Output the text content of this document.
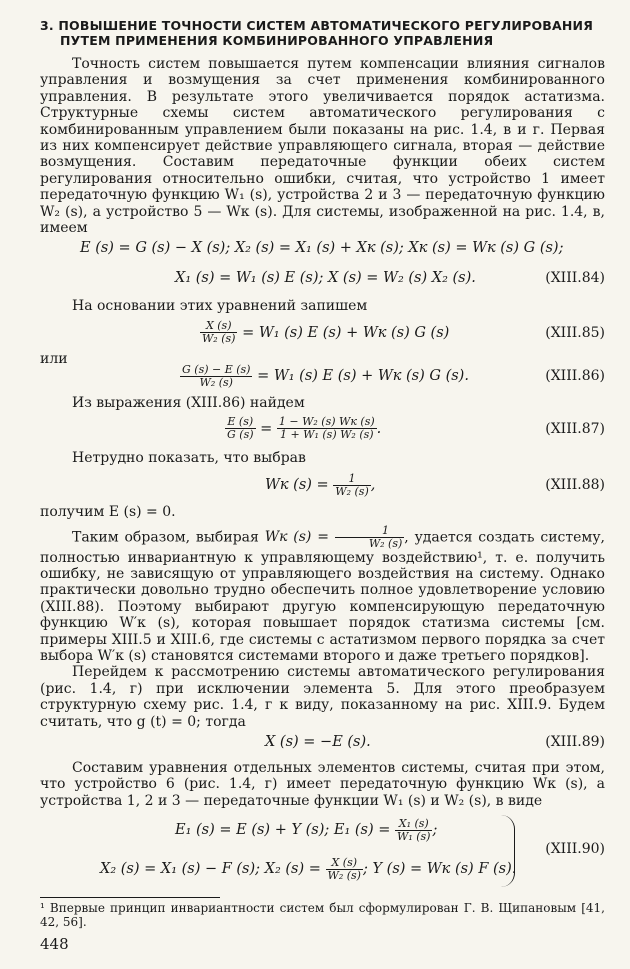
3. ПОВЫШЕНИЕ ТОЧНОСТИ СИСТЕМ АВТОМАТИЧЕСКОГО РЕГУЛИРОВАНИЯ
ПУТЕМ ПРИМЕНЕНИЯ КОМБИНИРОВАННОГО УПРАВЛЕНИЯ

Точность систем повышается путем компенсации влияния сигналов управления и возмущения за счет применения комбинированного управления. В результате этого увеличивается порядок астатизма. Структурные схемы систем автоматического регулирования с комбинированным управлением были показаны на рис. 1.4, в и г. Первая из них компенсирует действие управляющего сигнала, вторая — действие возмущения. Составим передаточные функции обеих систем регулирования относительно ошибки, считая, что устройство 1 имеет передаточную функцию W₁ (s), устройства 2 и 3 — передаточную функцию W₂ (s), а устройство 5 — Wк (s). Для системы, изображенной на рис. 1.4, в, имеем

E (s) = G (s) − X (s); X₂ (s) = X₁ (s) + Xк (s); Xк (s) = Wк (s) G (s);
X₁ (s) = W₁ (s) E (s); X (s) = W₂ (s) X₂ (s).	(XIII.84)

На основании этих уравнений запишем

$\frac{X (s)}{\text{W₂ (s)}} = W_1$ (s) E (s) + Wк (s) G (s)	(XIII.85)

или

$\frac{G (s) - E (s)}{\text{W₂ (s)}} = W_1$ (s) E (s) + Wк (s) G (s).	(XIII.86)

Из выражения (XIII.86) найдем

$\frac{E (s)}{G (s)} = \frac{\text{1 − W₂ (s) Wк (s)}}{\text{1 + W₁ (s) W₂ (s)}}$ .	(XIII.87)

Нетрудно показать, что выбрав

Wк $(s) = \frac{1}{\text{W₂ (s)}}$ ,	(XIII.88)

получим E (s) = 0.

Таким образом, выбирая Wк $(s) = \frac{1}{\text{W₂ (s)}}$ , удается создать систему, полностью инвариантную к управляющему воздействию¹, т. е. получить ошибку, не зависящую от управляющего воздействия на систему. Однако практически довольно трудно обеспечить полное удовлетворение условию (XIII.88). Поэтому выбирают другую компенсирующую передаточную функцию W′к (s), которая повышает порядок статизма системы [см. примеры XIII.5 и XIII.6, где системы с астатизмом первого порядка за счет выбора W′к (s) становятся системами второго и даже третьего порядков].

Перейдем к рассмотрению системы автоматического регулирования (рис. 1.4, г) при исключении элемента 5. Для этого преобразуем структурную схему рис. 1.4, г к виду, показанному на рис. XIII.9. Будем считать, что g (t) = 0; тогда

X (s) = −E (s).	(XIII.89)

Составим уравнения отдельных элементов системы, считая при этом, что устройство 6 (рис. 1.4, г) имеет передаточную функцию Wк (s), а устройства 1, 2 и 3 — передаточные функции W₁ (s) и W₂ (s), в виде

E₁ (s) = E (s) + Y (s); E₁ $(s) = \frac{\text{X₁ (s)}}{\text{W₁ (s)}}$ ;
X₂ (s) = X₁ (s) − F (s); X₂ $(s) = \frac{X (s)}{\text{W₂ (s)}}$ ; Y (s) = Wк (s) F (s).
(XIII.90)
¹ Впервые принцип инвариантности систем был сформулирован Г. В. Щипановым [41, 42, 56].
448
